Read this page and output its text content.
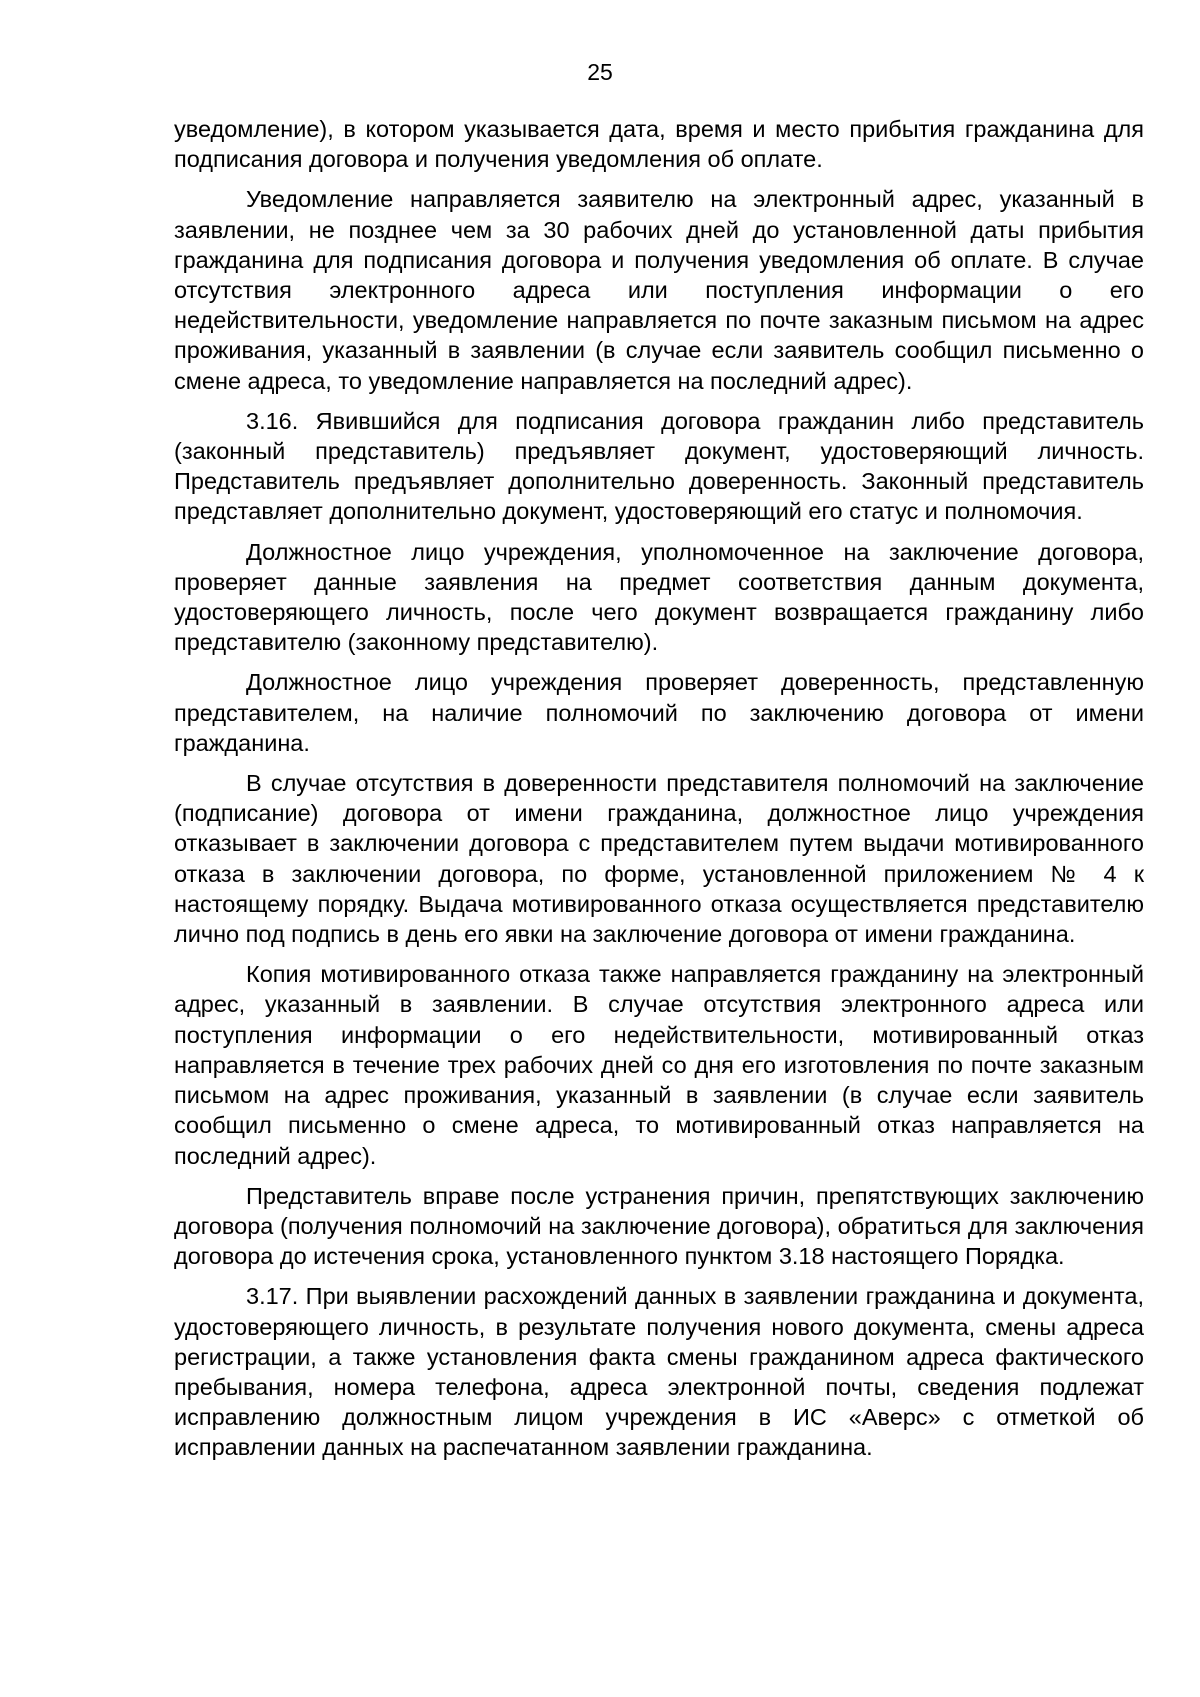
25

уведомление), в котором указывается дата, время и место прибытия гражданина для подписания договора и получения уведомления об оплате.

Уведомление направляется заявителю на электронный адрес, указанный в заявлении, не позднее чем за 30 рабочих дней до установленной даты прибытия гражданина для подписания договора и получения уведомления об оплате. В случае отсутствия электронного адреса или поступления информации о его недействительности, уведомление направляется по почте заказным письмом на адрес проживания, указанный в заявлении (в случае если заявитель сообщил письменно о смене адреса, то уведомление направляется на последний адрес).

3.16. Явившийся для подписания договора гражданин либо представитель (законный представитель) предъявляет документ, удостоверяющий личность. Представитель предъявляет дополнительно доверенность. Законный представитель представляет дополнительно документ, удостоверяющий его статус и полномочия.

Должностное лицо учреждения, уполномоченное на заключение договора, проверяет данные заявления на предмет соответствия данным документа, удостоверяющего личность, после чего документ возвращается гражданину либо представителю (законному представителю).

Должностное лицо учреждения проверяет доверенность, представленную представителем, на наличие полномочий по заключению договора от имени гражданина.

В случае отсутствия в доверенности представителя полномочий на заключение (подписание) договора от имени гражданина, должностное лицо учреждения отказывает в заключении договора с представителем путем выдачи мотивированного отказа в заключении договора, по форме, установленной приложением № 4 к настоящему порядку. Выдача мотивированного отказа осуществляется представителю лично под подпись в день его явки на заключение договора от имени гражданина.

Копия мотивированного отказа также направляется гражданину на электронный адрес, указанный в заявлении. В случае отсутствия электронного адреса или поступления информации о его недействительности, мотивированный отказ направляется в течение трех рабочих дней со дня его изготовления по почте заказным письмом на адрес проживания, указанный в заявлении (в случае если заявитель сообщил письменно о смене адреса, то мотивированный отказ направляется на последний адрес).

Представитель вправе после устранения причин, препятствующих заключению договора (получения полномочий на заключение договора), обратиться для заключения договора до истечения срока, установленного пунктом 3.18 настоящего Порядка.

3.17. При выявлении расхождений данных в заявлении гражданина и документа, удостоверяющего личность, в результате получения нового документа, смены адреса регистрации, а также установления факта смены гражданином адреса фактического пребывания, номера телефона, адреса электронной почты, сведения подлежат исправлению должностным лицом учреждения в ИС «Аверс» с отметкой об исправлении данных на распечатанном заявлении гражданина.
